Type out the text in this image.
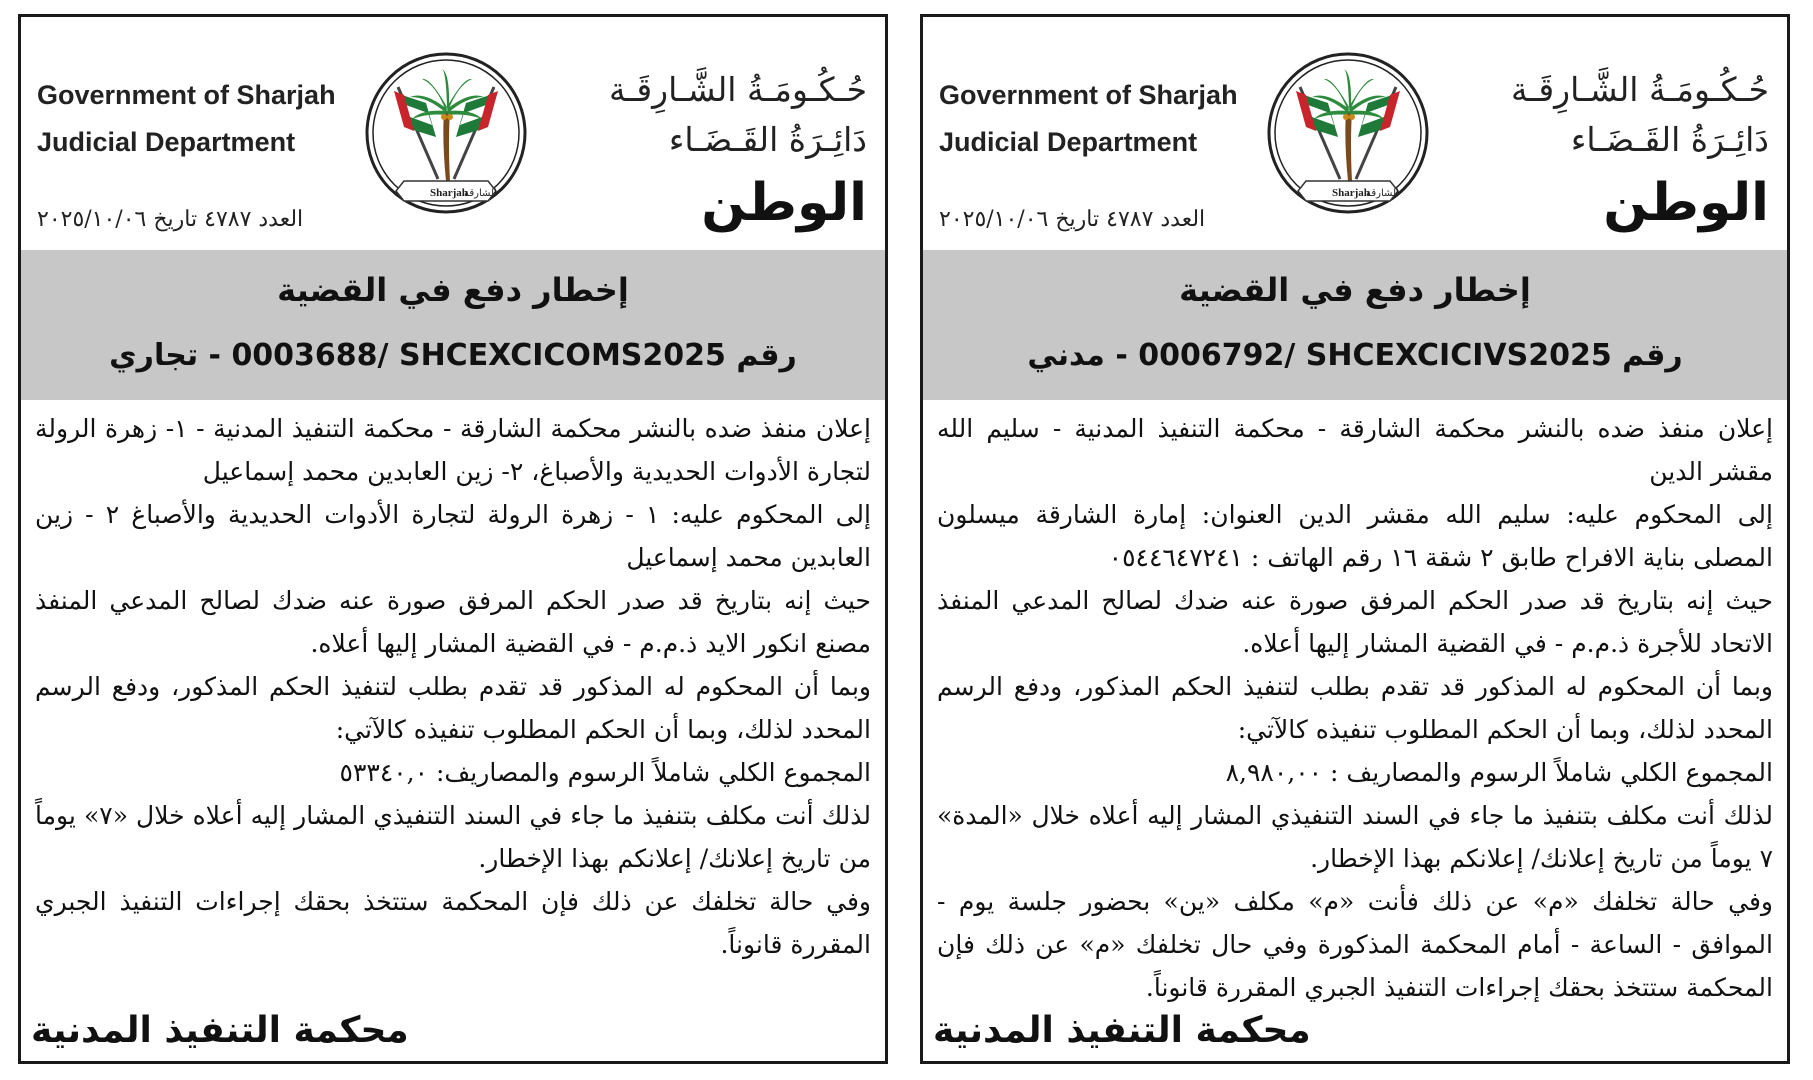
Government of Sharjah
Judicial Department
Sharjah
الشارقة
حُـكُـومَـةُ الشَّـارِقَـة
دَائِـرَةُ القَـضَـاء
الوطن
العدد ٤٧٨٧ تاريخ ٢٠٢٥/١٠/٠٦
إخطار دفع في القضية
رقم 0003688/ SHCEXCICOMS2025 - تجاري

إعلان منفذ ضده بالنشر محكمة الشارقة - محكمة التنفيذ المدنية - ١- زهرة الرولة لتجارة الأدوات الحديدية والأصباغ، ٢- زين العابدين محمد إسماعيل

إلى المحكوم عليه: ١ - زهرة الرولة لتجارة الأدوات الحديدية والأصباغ ٢ - زين العابدين محمد إسماعيل

حيث إنه بتاريخ قد صدر الحكم المرفق صورة عنه ضدك لصالح المدعي المنفذ مصنع انكور الايد ذ.م.م - في القضية المشار إليها أعلاه.

وبما أن المحكوم له المذكور قد تقدم بطلب لتنفيذ الحكم المذكور، ودفع الرسم المحدد لذلك، وبما أن الحكم المطلوب تنفيذه كالآتي:

المجموع الكلي شاملاً الرسوم والمصاريف: ٥٣٣٤٠,٠

لذلك أنت مكلف بتنفيذ ما جاء في السند التنفيذي المشار إليه أعلاه خلال «٧» يوماً من تاريخ إعلانك/ إعلانكم بهذا الإخطار.

وفي حالة تخلفك عن ذلك فإن المحكمة ستتخذ بحقك إجراءات التنفيذ الجبري المقررة قانوناً.

محكمة التنفيذ المدنية
Government of Sharjah
Judicial Department
Sharjah
الشارقة
حُـكُـومَـةُ الشَّـارِقَـة
دَائِـرَةُ القَـضَـاء
الوطن
العدد ٤٧٨٧ تاريخ ٢٠٢٥/١٠/٠٦
إخطار دفع في القضية
رقم 0006792/ SHCEXCICIVS2025 - مدني

إعلان منفذ ضده بالنشر محكمة الشارقة - محكمة التنفيذ المدنية - سليم الله مقشر الدين

إلى المحكوم عليه: سليم الله مقشر الدين العنوان: إمارة الشارقة ميسلون المصلى بناية الافراح طابق ٢ شقة ١٦ رقم الهاتف : ٠٥٤٤٦٤٧٢٤١

حيث إنه بتاريخ قد صدر الحكم المرفق صورة عنه ضدك لصالح المدعي المنفذ الاتحاد للأجرة ذ.م.م - في القضية المشار إليها أعلاه.

وبما أن المحكوم له المذكور قد تقدم بطلب لتنفيذ الحكم المذكور، ودفع الرسم المحدد لذلك، وبما أن الحكم المطلوب تنفيذه كالآتي:

المجموع الكلي شاملاً الرسوم والمصاريف : ٨,٩٨٠,٠٠

لذلك أنت مكلف بتنفيذ ما جاء في السند التنفيذي المشار إليه أعلاه خلال «المدة» ٧ يوماً من تاريخ إعلانك/ إعلانكم بهذا الإخطار.

وفي حالة تخلفك «م» عن ذلك فأنت «م» مكلف «ين» بحضور جلسة يوم - الموافق - الساعة - أمام المحكمة المذكورة وفي حال تخلفك «م» عن ذلك فإن المحكمة ستتخذ بحقك إجراءات التنفيذ الجبري المقررة قانوناً.

محكمة التنفيذ المدنية
